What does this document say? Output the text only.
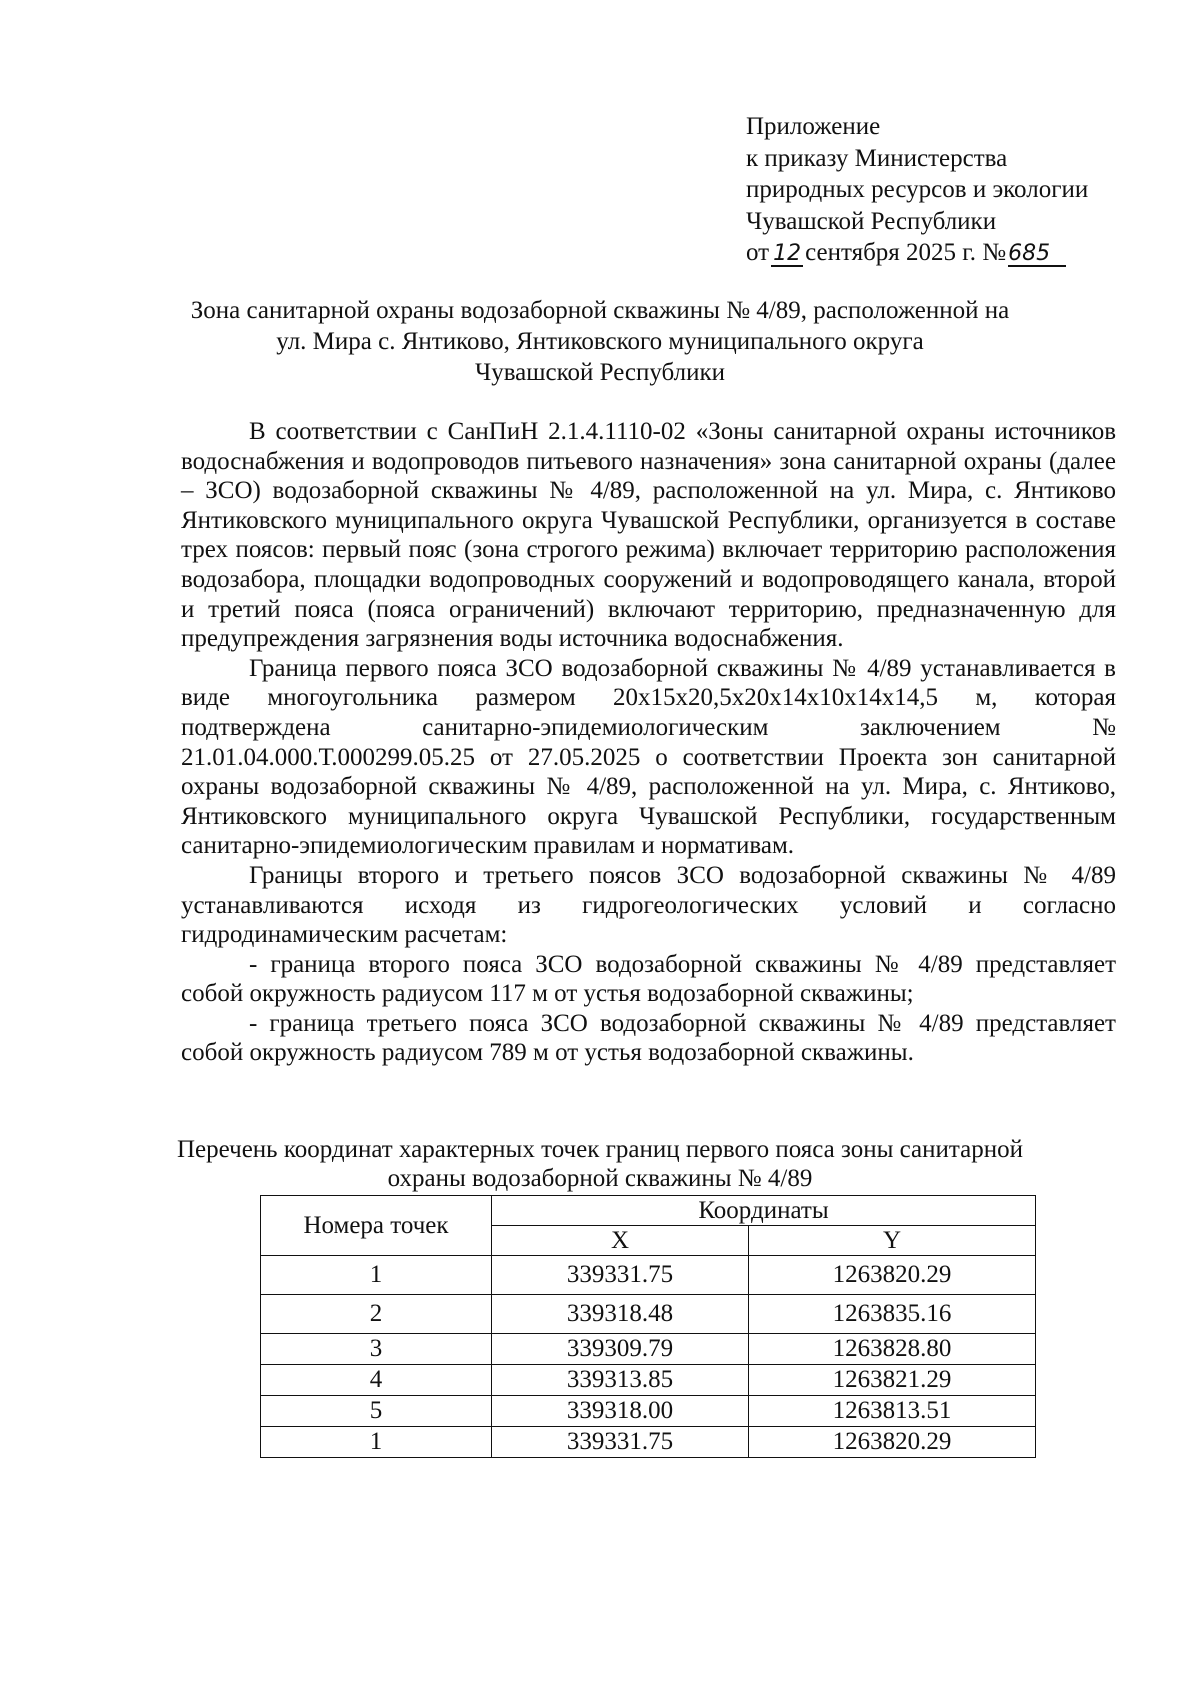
Приложение
к приказу Министерства
природных ресурсов и экологии
Чувашской Республики
от 12 сентября 2025 г. №685
Зона санитарной охраны водозаборной скважины № 4/89, расположенной на
ул. Мира с. Янтиково, Янтиковского муниципального округа
Чувашской Республики

В соответствии с СанПиН 2.1.4.1110-02 «Зоны санитарной охраны источников водоснабжения и водопроводов питьевого назначения» зона санитарной охраны (далее – ЗСО) водозаборной скважины № 4/89, расположенной на ул. Мира, с. Янтиково Янтиковского муниципального округа Чувашской Республики, организуется в составе трех поясов: первый пояс (зона строгого режима) включает территорию расположения водозабора, площадки водопроводных сооружений и водопроводящего канала, второй и третий пояса (пояса ограничений) включают территорию, предназначенную для предупреждения загрязнения воды источника водоснабжения.

Граница первого пояса ЗСО водозаборной скважины № 4/89 устанавливается в виде многоугольника размером 20х15х20,5х20х14х10х14х14,5 м, которая подтверждена санитарно-эпидемиологическим заключением № 21.01.04.000.Т.000299.05.25 от 27.05.2025 о соответствии Проекта зон санитарной охраны водозаборной скважины № 4/89, расположенной на ул. Мира, с. Янтиково, Янтиковского муниципального округа Чувашской Республики, государственным санитарно-эпидемиологическим правилам и нормативам.

Границы второго и третьего поясов ЗСО водозаборной скважины № 4/89 устанавливаются исходя из гидрогеологических условий и согласно гидродинамическим расчетам:

- граница второго пояса ЗСО водозаборной скважины № 4/89 представляет собой окружность радиусом 117 м от устья водозаборной скважины;

- граница третьего пояса ЗСО водозаборной скважины № 4/89 представляет собой окружность радиусом 789 м от устья водозаборной скважины.

Перечень координат характерных точек границ первого пояса зоны санитарной
охраны водозаборной скважины № 4/89
Номера точек	Координаты	
	X	Y
1	339331.75	1263820.29
2	339318.48	1263835.16
3	339309.79	1263828.80
4	339313.85	1263821.29
5	339318.00	1263813.51
1	339331.75	1263820.29
